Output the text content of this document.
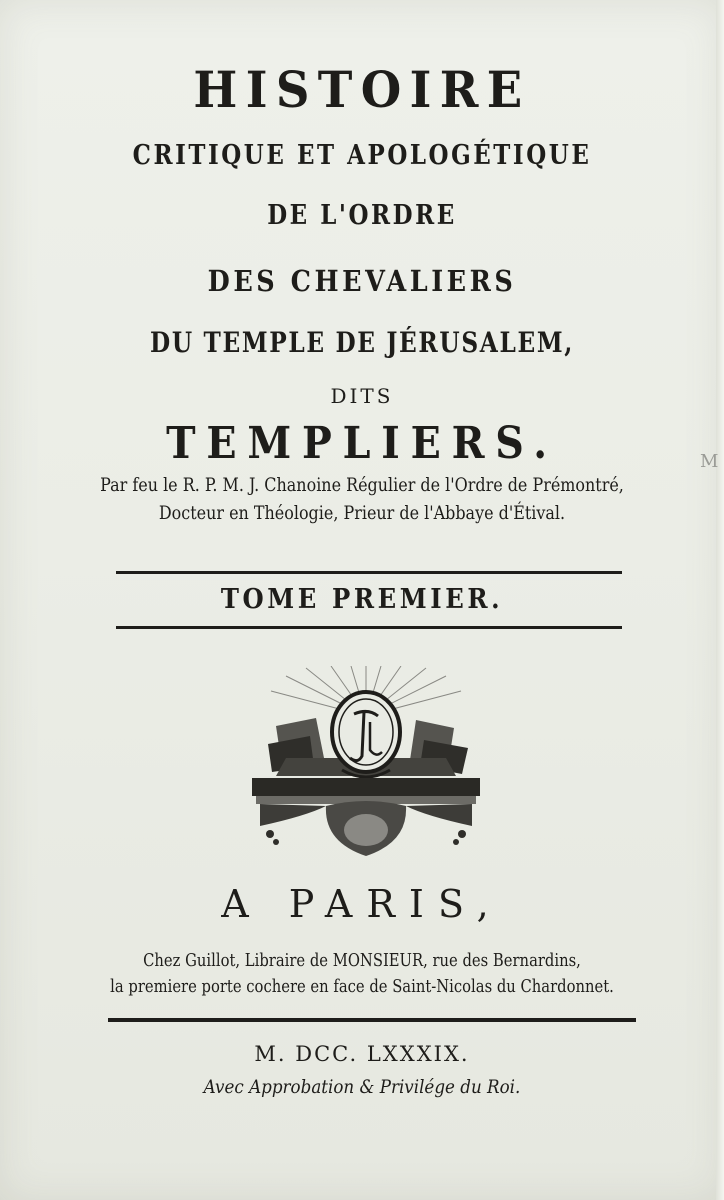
HISTOIRE
CRITIQUE ET APOLOGÉTIQUE
DE L'ORDRE
DES CHEVALIERS
DU TEMPLE DE JÉRUSALEM,
DITS
TEMPLIERS.	M
Par feu le R. P. M. J. Chanoine Régulier de l'Ordre de Prémontré,
Docteur en Théologie, Prieur de l'Abbaye d'Étival.
TOME PREMIER.
A PARIS,
Chez Guillot, Libraire de MONSIEUR, rue des Bernardins,
la premiere porte cochere en face de Saint-Nicolas du Chardonnet.
M. DCC. LXXXIX.
Avec Approbation & Privilége du Roi.
